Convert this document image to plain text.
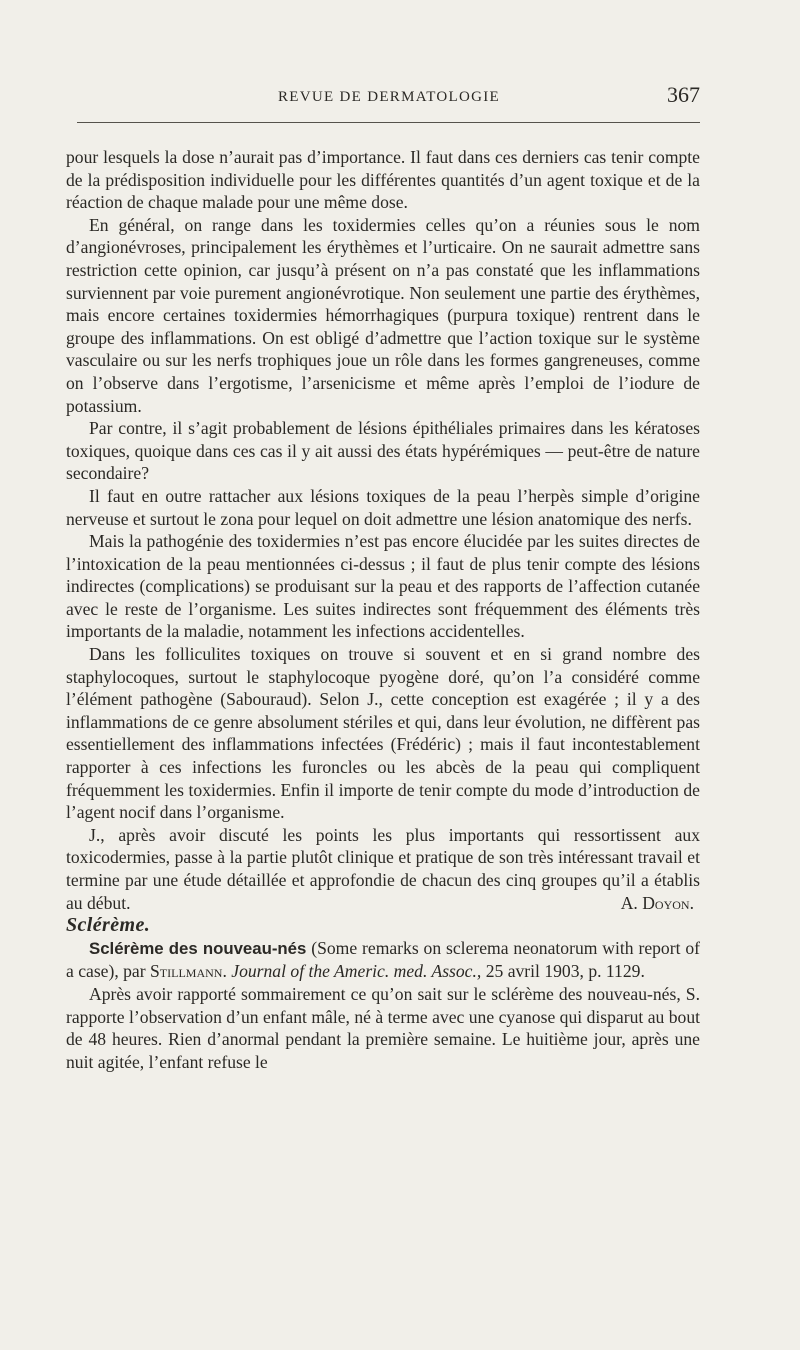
REVUE DE DERMATOLOGIE	367

pour lesquels la dose n’aurait pas d’importance. Il faut dans ces derniers cas tenir compte de la prédisposition individuelle pour les différentes quantités d’un agent toxique et de la réaction de chaque malade pour une même dose.

En général, on range dans les toxidermies celles qu’on a réunies sous le nom d’angionévroses, principalement les érythèmes et l’urticaire. On ne saurait admettre sans restriction cette opinion, car jusqu’à présent on n’a pas constaté que les inflammations surviennent par voie purement angionévrotique. Non seulement une partie des érythèmes, mais encore certaines toxidermies hémorrhagiques (purpura toxique) rentrent dans le groupe des inflammations. On est obligé d’admettre que l’action toxique sur le système vasculaire ou sur les nerfs trophiques joue un rôle dans les formes gangreneuses, comme on l’observe dans l’ergotisme, l’arsenicisme et même après l’emploi de l’iodure de potassium.

Par contre, il s’agit probablement de lésions épithéliales primaires dans les kératoses toxiques, quoique dans ces cas il y ait aussi des états hypérémiques — peut-être de nature secondaire?

Il faut en outre rattacher aux lésions toxiques de la peau l’herpès simple d’origine nerveuse et surtout le zona pour lequel on doit admettre une lésion anatomique des nerfs.

Mais la pathogénie des toxidermies n’est pas encore élucidée par les suites directes de l’intoxication de la peau mentionnées ci-dessus ; il faut de plus tenir compte des lésions indirectes (complications) se produisant sur la peau et des rapports de l’affection cutanée avec le reste de l’organisme. Les suites indirectes sont fréquemment des éléments très importants de la maladie, notamment les infections accidentelles.

Dans les folliculites toxiques on trouve si souvent et en si grand nombre des staphylocoques, surtout le staphylocoque pyogène doré, qu’on l’a considéré comme l’élément pathogène (Sabouraud). Selon J., cette conception est exagérée ; il y a des inflammations de ce genre absolument stériles et qui, dans leur évolution, ne diffèrent pas essentiellement des inflammations infectées (Frédéric) ; mais il faut incontestablement rapporter à ces infections les furoncles ou les abcès de la peau qui compliquent fréquemment les toxidermies. Enfin il importe de tenir compte du mode d’introduction de l’agent nocif dans l’organisme.

J., après avoir discuté les points les plus importants qui ressortissent aux toxicodermies, passe à la partie plutôt clinique et pratique de son très intéressant travail et termine par une étude détaillée et approfondie de chacun des cinq groupes qu’il a établis au début.	A. Doyon.

Sclérème.

Sclérème des nouveau-nés (Some remarks on sclerema neonatorum with report of a case), par Stillmann. Journal of the Americ. med. Assoc., 25 avril 1903, p. 1129.

Après avoir rapporté sommairement ce qu’on sait sur le sclérème des nouveau-nés, S. rapporte l’observation d’un enfant mâle, né à terme avec une cyanose qui disparut au bout de 48 heures. Rien d’anormal pendant la première semaine. Le huitième jour, après une nuit agitée, l’enfant refuse le
